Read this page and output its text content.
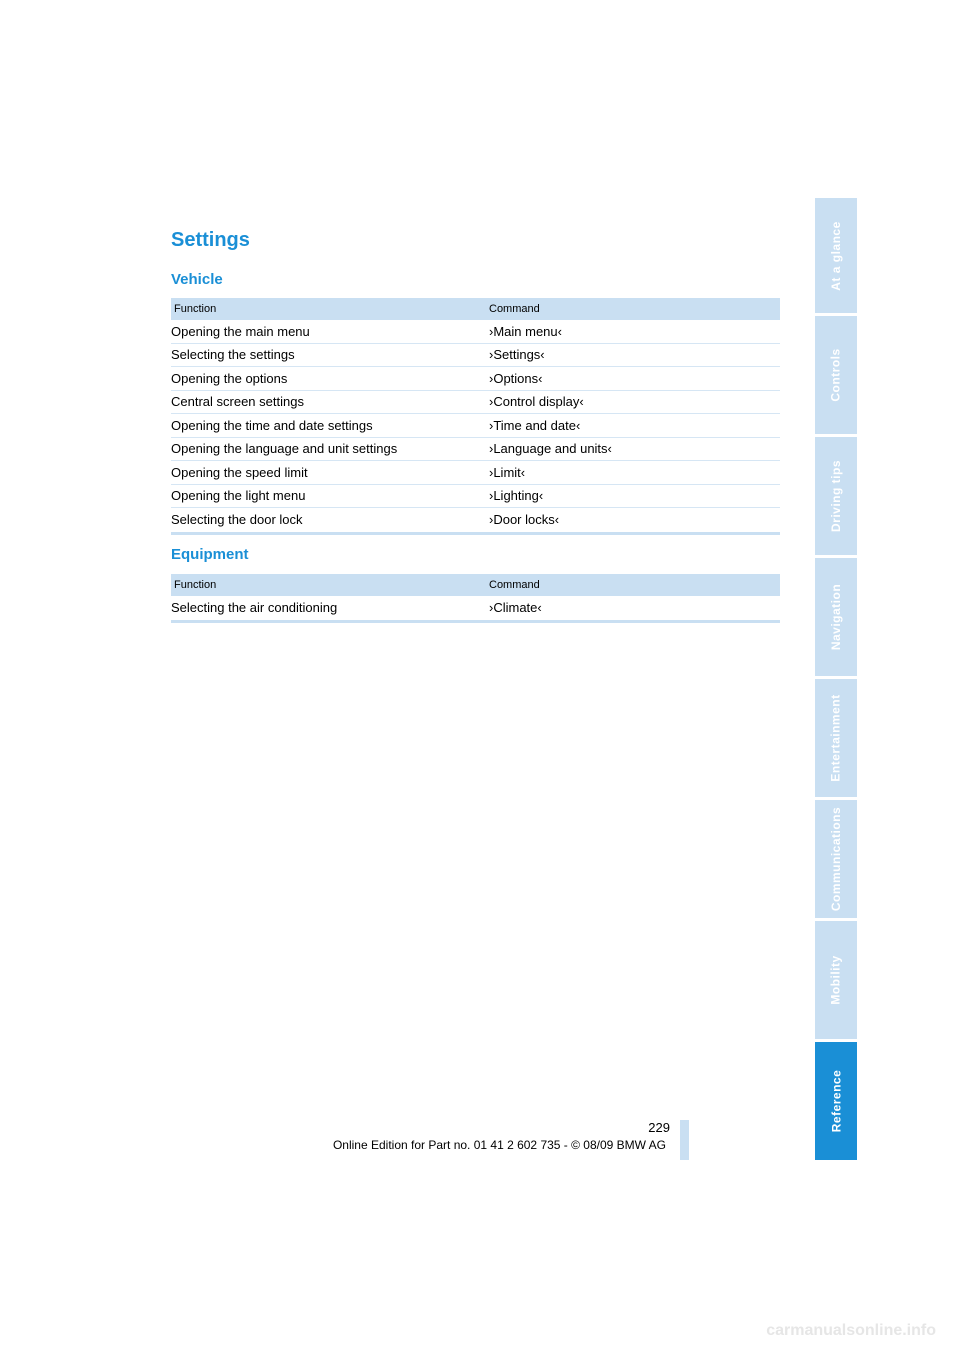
Settings
Vehicle
Function	Command
Opening the main menu	›Main menu‹
Selecting the settings	›Settings‹
Opening the options	›Options‹
Central screen settings	›Control display‹
Opening the time and date settings	›Time and date‹
Opening the language and unit settings	›Language and units‹
Opening the speed limit	›Limit‹
Opening the light menu	›Lighting‹
Selecting the door lock	›Door locks‹
Equipment
Function	Command
Selecting the air conditioning	›Climate‹
At a glance
Controls
Driving tips
Navigation
Entertainment
Communications
Mobility
Reference
229
Online Edition for Part no. 01 41 2 602 735 - © 08/09 BMW AG
carmanualsonline.info
